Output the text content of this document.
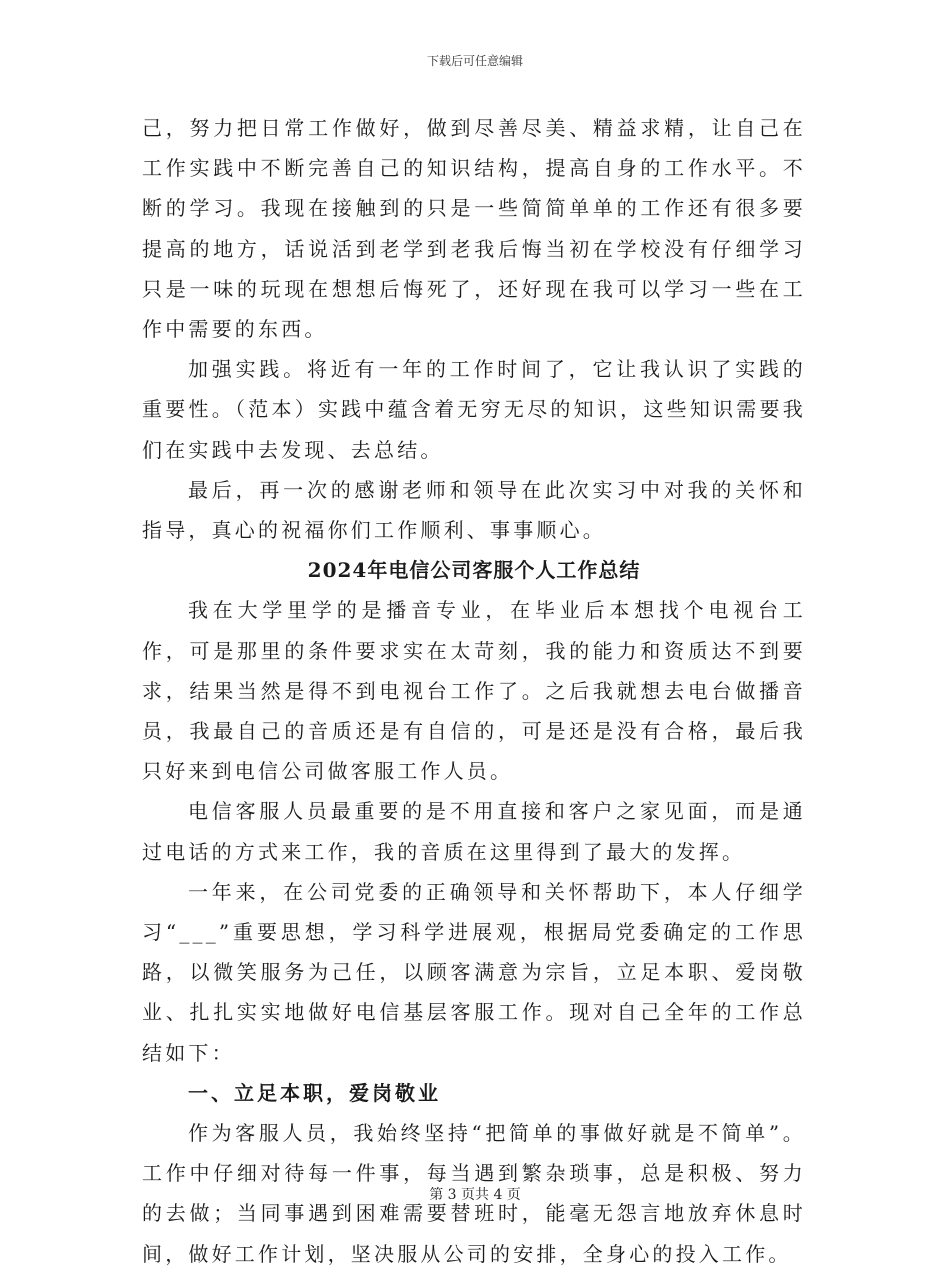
下载后可任意编辑

己，努力把日常工作做好，做到尽善尽美、精益求精，让自己在工作实践中不断完善自己的知识结构，提高自身的工作水平。不断的学习。我现在接触到的只是一些简简单单的工作还有很多要提高的地方，话说活到老学到老我后悔当初在学校没有仔细学习只是一味的玩现在想想后悔死了，还好现在我可以学习一些在工作中需要的东西。

加强实践。将近有一年的工作时间了，它让我认识了实践的重要性。（范本）实践中蕴含着无穷无尽的知识，这些知识需要我们在实践中去发现、去总结。

最后，再一次的感谢老师和领导在此次实习中对我的关怀和指导，真心的祝福你们工作顺利、事事顺心。

2024年电信公司客服个人工作总结

我在大学里学的是播音专业，在毕业后本想找个电视台工作，可是那里的条件要求实在太苛刻，我的能力和资质达不到要求，结果当然是得不到电视台工作了。之后我就想去电台做播音员，我最自己的音质还是有自信的，可是还是没有合格，最后我只好来到电信公司做客服工作人员。

电信客服人员最重要的是不用直接和客户之家见面，而是通过电话的方式来工作，我的音质在这里得到了最大的发挥。

一年来，在公司党委的正确领导和关怀帮助下，本人仔细学习“___”重要思想，学习科学进展观，根据局党委确定的工作思路，以微笑服务为己任，以顾客满意为宗旨，立足本职、爱岗敬业、扎扎实实地做好电信基层客服工作。现对自己全年的工作总结如下：

一、立足本职，爱岗敬业

作为客服人员，我始终坚持“把简单的事做好就是不简单”。工作中仔细对待每一件事，每当遇到繁杂琐事，总是积极、努力的去做；当同事遇到困难需要替班时，能毫无怨言地放弃休息时间，做好工作计划，坚决服从公司的安排，全身心的投入工作。

第 3 页共 4 页
